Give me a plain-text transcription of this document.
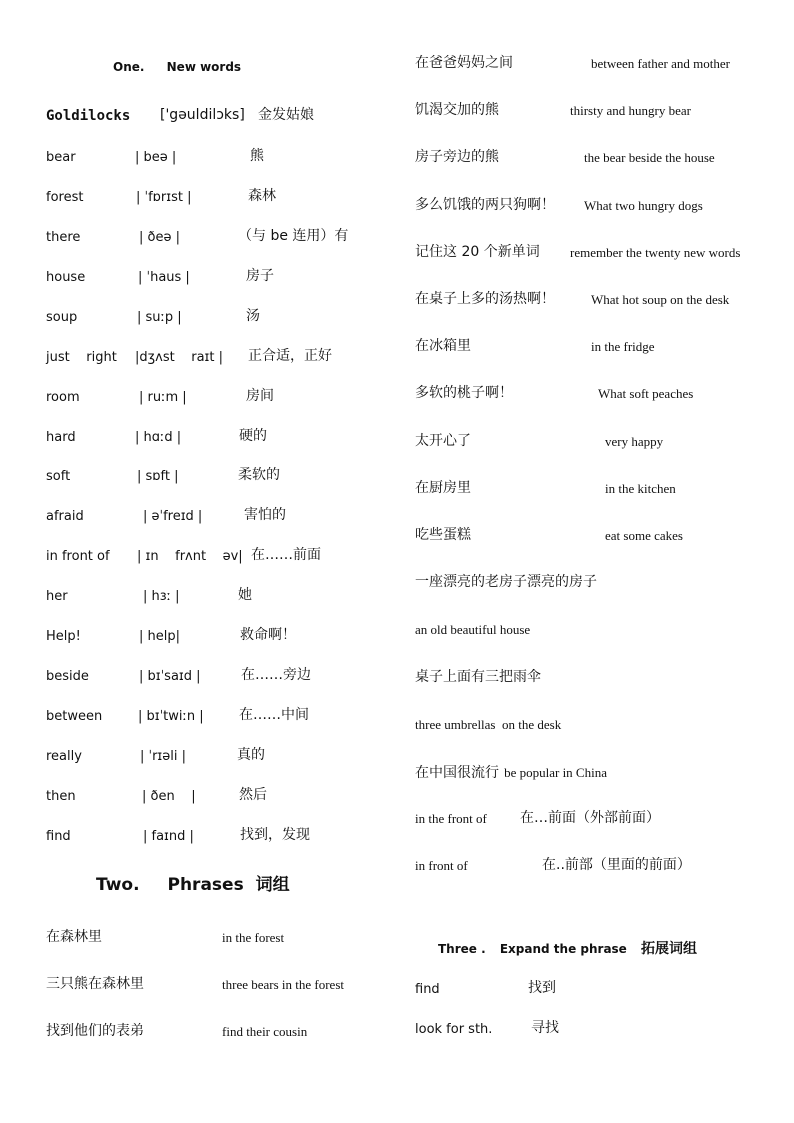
One. New words
Goldilocks ['gəuldilɔks] 金发姑娘
bear	| beə |	熊
forest	| ˈfɒrɪst |	森林
there	| ðeə |	（与 be 连用）有
house	| ˈhaus |	房子
soup	| suːp |	汤
just    right |dʒʌst    raɪt | 正合适，正好
room	| ruːm |	房间
hard	| hɑːd |	硬的
soft	| sɒft |	柔软的
afraid	| əˈfreɪd |	害怕的
in front of | ɪn    frʌnt    əv| 在……前面
her	| hɜː |	她
Help!	| help|	救命啊！
beside	| bɪˈsaɪd |	在……旁边
between	| bɪˈtwiːn |	在……中间
really	| ˈrɪəli |	真的
then	| ðen    |	然后
find	| faɪnd |	找到，发现
Two. Phrases 词组
在森林里	in the forest
三只熊在森林里	three bears in the forest
找到他们的表弟	find their cousin
在爸爸妈妈之间	between father and mother
饥渴交加的熊	thirsty and hungry bear
房子旁边的熊	the bear beside the house
多么饥饿的两只狗啊！ What two hungry dogs
记住这 20 个新单词 remember the twenty new words
在桌子上多的汤热啊！	What hot soup on the desk
在冰箱里	in the fridge
多软的桃子啊！	What soft peaches
太开心了	very happy
在厨房里	in the kitchen
吃些蛋糕	eat some cakes
一座漂亮的老房子漂亮的房子
an old beautiful house
桌子上面有三把雨伞
three umbrellas  on the desk
在中国很流行 be popular in China
in the front of 在…前面（外部前面）
in front of	在..前部（里面的前面）
Three . Expand the phrase 拓展词组
find	找到
look for sth.	寻找
